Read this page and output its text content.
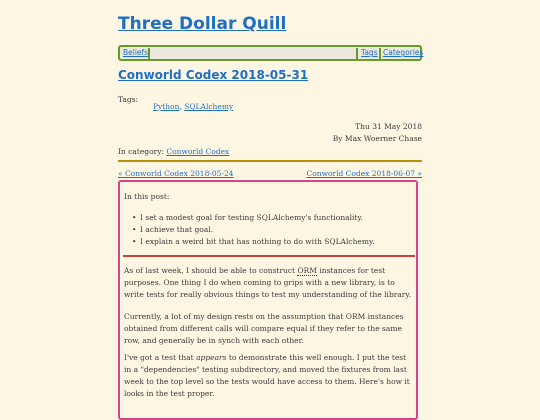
Three Dollar Quill
Beliefs	Tags Categories
Conworld Codex 2018-05-31
Tags:
Python, SQLAlchemy
Thu 31 May 2018
By Max Woerner Chase
In category: Conworld Codex
« Conworld Codex 2018-05-24	Conworld Codex 2018-06-07 »
In this post:
• I set a modest goal for testing SQLAlchemy's functionality.
• I achieve that goal.
• I explain a weird bit that has nothing to do with SQLAlchemy.

As of last week, I should be able to construct ORM instances for test purposes. One thing I do when coming to grips with a new library, is to write tests for really obvious things to test my understanding of the library.

Currently, a lot of my design rests on the assumption that ORM instances obtained from different calls will compare equal if they refer to the same row, and generally be in synch with each other.

I've got a test that appears to demonstrate this well enough. I put the test in a "dependencies" testing subdirectory, and moved the fixtures from last week to the top level so the tests would have access to them. Here's how it looks in the test proper.
